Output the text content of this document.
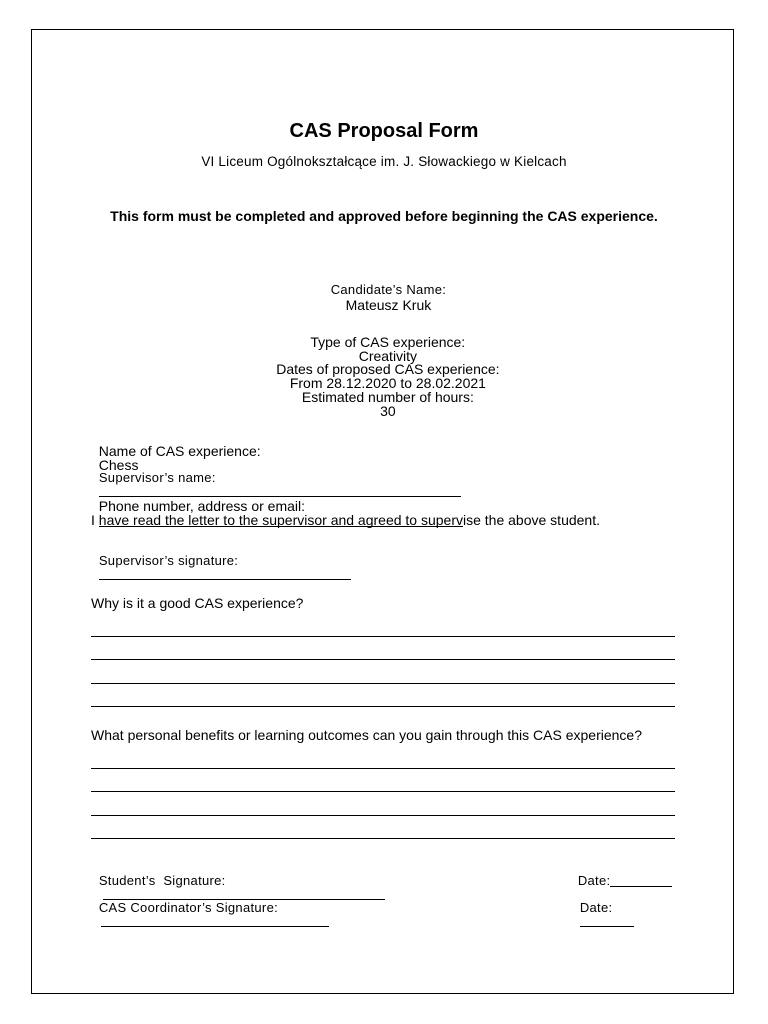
CAS Proposal Form
VI Liceum Ogólnokształcące im. J. Słowackiego w Kielcach
This form must be completed and approved before beginning the CAS experience.

Candidate’s Name:
Mateusz Kruk

Type of CAS experience:
Creativity

Dates of proposed CAS experience:
From 28.12.2020 to 28.02.2021

Estimated number of hours:
30

Name of CAS experience:
Chess

Supervisor’s name:

Phone number, address or email:

I have read the letter to the supervisor and agreed to supervise the above student.

Supervisor’s signature:

Why is it a good CAS experience?
What personal benefits or learning outcomes can you gain through this CAS experience?

Student’s  Signature:
	Date:

CAS Coordinator’s Signature:
	Date:
